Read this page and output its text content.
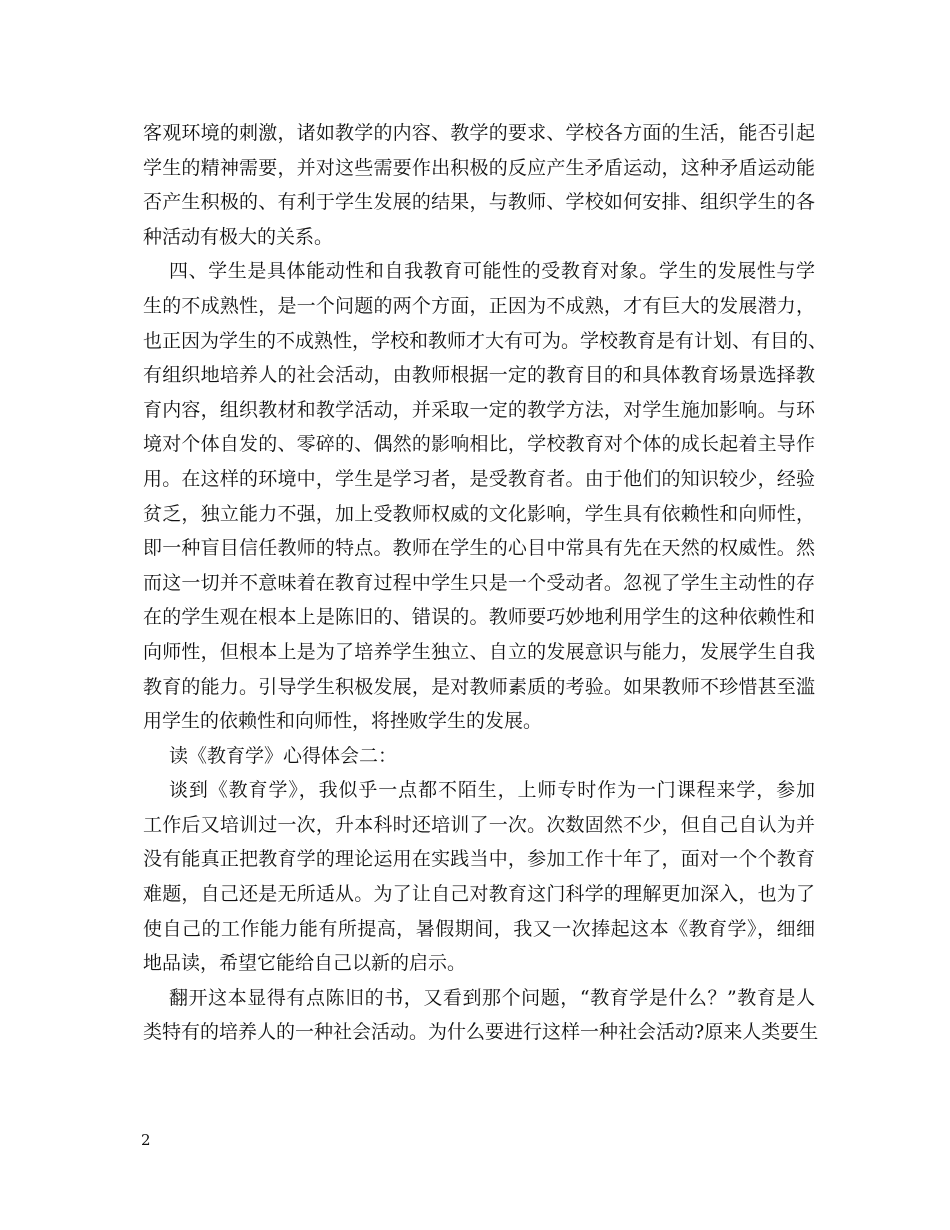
客观环境的刺激，诸如教学的内容、教学的要求、学校各方面的生活，能否引起
学生的精神需要，并对这些需要作出积极的反应产生矛盾运动，这种矛盾运动能
否产生积极的、有利于学生发展的结果，与教师、学校如何安排、组织学生的各
种活动有极大的关系。
四、学生是具体能动性和自我教育可能性的受教育对象。学生的发展性与学
生的不成熟性，是一个问题的两个方面，正因为不成熟，才有巨大的发展潜力，
也正因为学生的不成熟性，学校和教师才大有可为。学校教育是有计划、有目的、
有组织地培养人的社会活动，由教师根据一定的教育目的和具体教育场景选择教
育内容，组织教材和教学活动，并采取一定的教学方法，对学生施加影响。与环
境对个体自发的、零碎的、偶然的影响相比，学校教育对个体的成长起着主导作
用。在这样的环境中，学生是学习者，是受教育者。由于他们的知识较少，经验
贫乏，独立能力不强，加上受教师权威的文化影响，学生具有依赖性和向师性，
即一种盲目信任教师的特点。教师在学生的心目中常具有先在天然的权威性。然
而这一切并不意味着在教育过程中学生只是一个受动者。忽视了学生主动性的存
在的学生观在根本上是陈旧的、错误的。教师要巧妙地利用学生的这种依赖性和
向师性，但根本上是为了培养学生独立、自立的发展意识与能力，发展学生自我
教育的能力。引导学生积极发展，是对教师素质的考验。如果教师不珍惜甚至滥
用学生的依赖性和向师性，将挫败学生的发展。
读《教育学》心得体会二：
谈到《教育学》，我似乎一点都不陌生，上师专时作为一门课程来学，参加
工作后又培训过一次，升本科时还培训了一次。次数固然不少，但自己自认为并
没有能真正把教育学的理论运用在实践当中，参加工作十年了，面对一个个教育
难题，自己还是无所适从。为了让自己对教育这门科学的理解更加深入，也为了
使自己的工作能力能有所提高，暑假期间，我又一次捧起这本《教育学》，细细
地品读，希望它能给自己以新的启示。
翻开这本显得有点陈旧的书，又看到那个问题，“教育学是什么？”教育是人
类特有的培养人的一种社会活动。为什么要进行这样一种社会活动?原来人类要生
2
